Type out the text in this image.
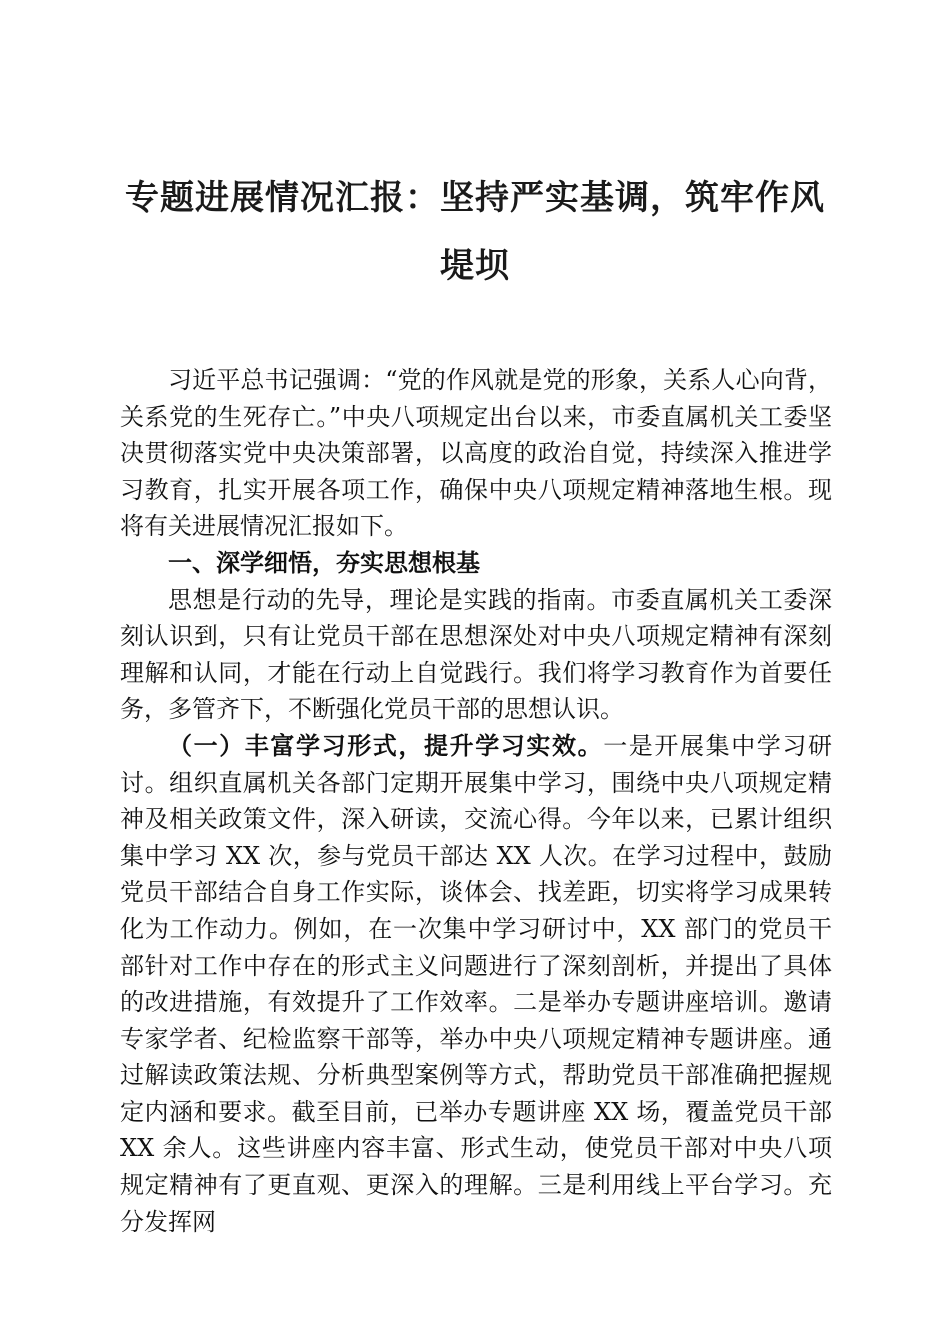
专题进展情况汇报：坚持严实基调，筑牢作风
堤坝

习近平总书记强调：“党的作风就是党的形象，关系人心向背，关系党的生死存亡。”中央八项规定出台以来，市委直属机关工委坚决贯彻落实党中央决策部署，以高度的政治自觉，持续深入推进学习教育，扎实开展各项工作，确保中央八项规定精神落地生根。现将有关进展情况汇报如下。

一、深学细悟，夯实思想根基

思想是行动的先导，理论是实践的指南。市委直属机关工委深刻认识到，只有让党员干部在思想深处对中央八项规定精神有深刻理解和认同，才能在行动上自觉践行。我们将学习教育作为首要任务，多管齐下，不断强化党员干部的思想认识。

（一）丰富学习形式，提升学习实效。一是开展集中学习研讨。组织直属机关各部门定期开展集中学习，围绕中央八项规定精神及相关政策文件，深入研读，交流心得。今年以来，已累计组织集中学习 XX 次，参与党员干部达 XX 人次。在学习过程中，鼓励党员干部结合自身工作实际，谈体会、找差距，切实将学习成果转化为工作动力。例如，在一次集中学习研讨中，XX 部门的党员干部针对工作中存在的形式主义问题进行了深刻剖析，并提出了具体的改进措施，有效提升了工作效率。二是举办专题讲座培训。邀请专家学者、纪检监察干部等，举办中央八项规定精神专题讲座。通过解读政策法规、分析典型案例等方式，帮助党员干部准确把握规定内涵和要求。截至目前，已举办专题讲座 XX 场，覆盖党员干部 XX 余人。这些讲座内容丰富、形式生动，使党员干部对中央八项规定精神有了更直观、更深入的理解。三是利用线上平台学习。充分发挥网
